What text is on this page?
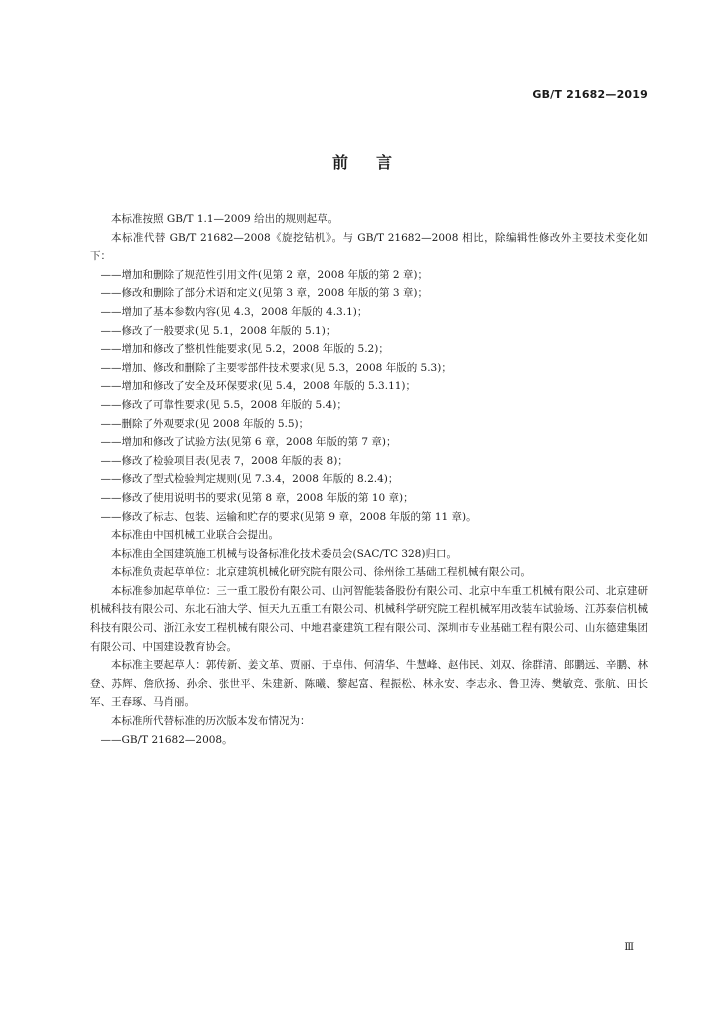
GB/T 21682—2019
前言

本标准按照 GB/T 1.1—2009 给出的规则起草。

本标准代替 GB/T 21682—2008《旋挖钻机》。与 GB/T 21682—2008 相比，除编辑性修改外主要技术变化如下：

——增加和删除了规范性引用文件(见第 2 章，2008 年版的第 2 章)；

——修改和删除了部分术语和定义(见第 3 章，2008 年版的第 3 章)；

——增加了基本参数内容(见 4.3，2008 年版的 4.3.1)；

——修改了一般要求(见 5.1，2008 年版的 5.1)；

——增加和修改了整机性能要求(见 5.2，2008 年版的 5.2)；

——增加、修改和删除了主要零部件技术要求(见 5.3，2008 年版的 5.3)；

——增加和修改了安全及环保要求(见 5.4，2008 年版的 5.3.11)；

——修改了可靠性要求(见 5.5，2008 年版的 5.4)；

——删除了外观要求(见 2008 年版的 5.5)；

——增加和修改了试验方法(见第 6 章，2008 年版的第 7 章)；

——修改了检验项目表(见表 7，2008 年版的表 8)；

——修改了型式检验判定规则(见 7.3.4，2008 年版的 8.2.4)；

——修改了使用说明书的要求(见第 8 章，2008 年版的第 10 章)；

——修改了标志、包装、运输和贮存的要求(见第 9 章，2008 年版的第 11 章)。

本标准由中国机械工业联合会提出。

本标准由全国建筑施工机械与设备标准化技术委员会(SAC/TC 328)归口。

本标准负责起草单位：北京建筑机械化研究院有限公司、徐州徐工基础工程机械有限公司。

本标准参加起草单位：三一重工股份有限公司、山河智能装备股份有限公司、北京中车重工机械有限公司、北京建研机械科技有限公司、东北石油大学、恒天九五重工有限公司、机械科学研究院工程机械军用改装车试验场、江苏泰信机械科技有限公司、浙江永安工程机械有限公司、中地君豪建筑工程有限公司、深圳市专业基础工程有限公司、山东德建集团有限公司、中国建设教育协会。

本标准主要起草人：郭传新、姜文革、贾丽、于卓伟、何清华、牛慧峰、赵伟民、刘双、徐群清、郎鹏远、辛鹏、林登、苏辉、詹欣扬、孙余、张世平、朱建新、陈曦、黎起富、程振松、林永安、李志永、鲁卫涛、樊敏竞、张航、田长军、王春琢、马肖丽。

本标准所代替标准的历次版本发布情况为：

——GB/T 21682—2008。

Ⅲ
